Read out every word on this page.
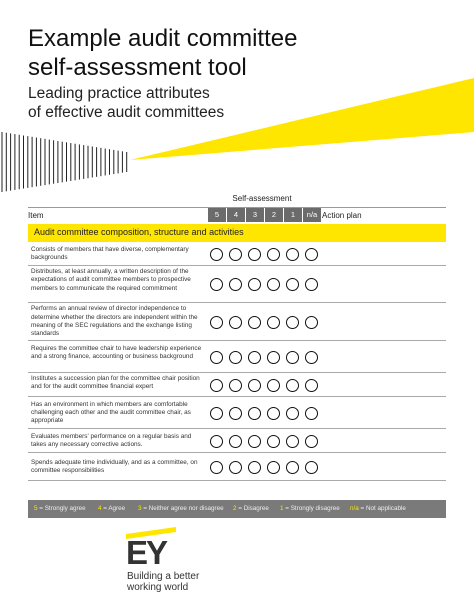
Example audit committee
self-assessment tool
Leading practice attributes
of effective audit committees
Self-assessment
Item	5	4	3	2	1	n/a Action plan
Audit committee composition, structure and activities
Consists of members that have diverse, complementary backgrounds
Distributes, at least annually, a written description of the expectations of audit committee members to prospective members to communicate the required commitment
Performs an annual review of director independence to determine whether the directors are independent within the meaning of the SEC regulations and the exchange listing standards
Requires the committee chair to have leadership experience and a strong finance, accounting or business background
Institutes a succession plan for the committee chair position and for the audit committee financial expert
Has an environment in which members are comfortable challenging each other and the audit committee chair, as appropriate
Evaluates members' performance on a regular basis and takes any necessary corrective actions.
Spends adequate time individually, and as a committee, on committee responsibilities
5 = Strongly agree 4 = Agree 3 = Neither agree nor disagree 2 = Disagree 1 = Strongly disagree n/a = Not applicable
EY
Building a better
working world
